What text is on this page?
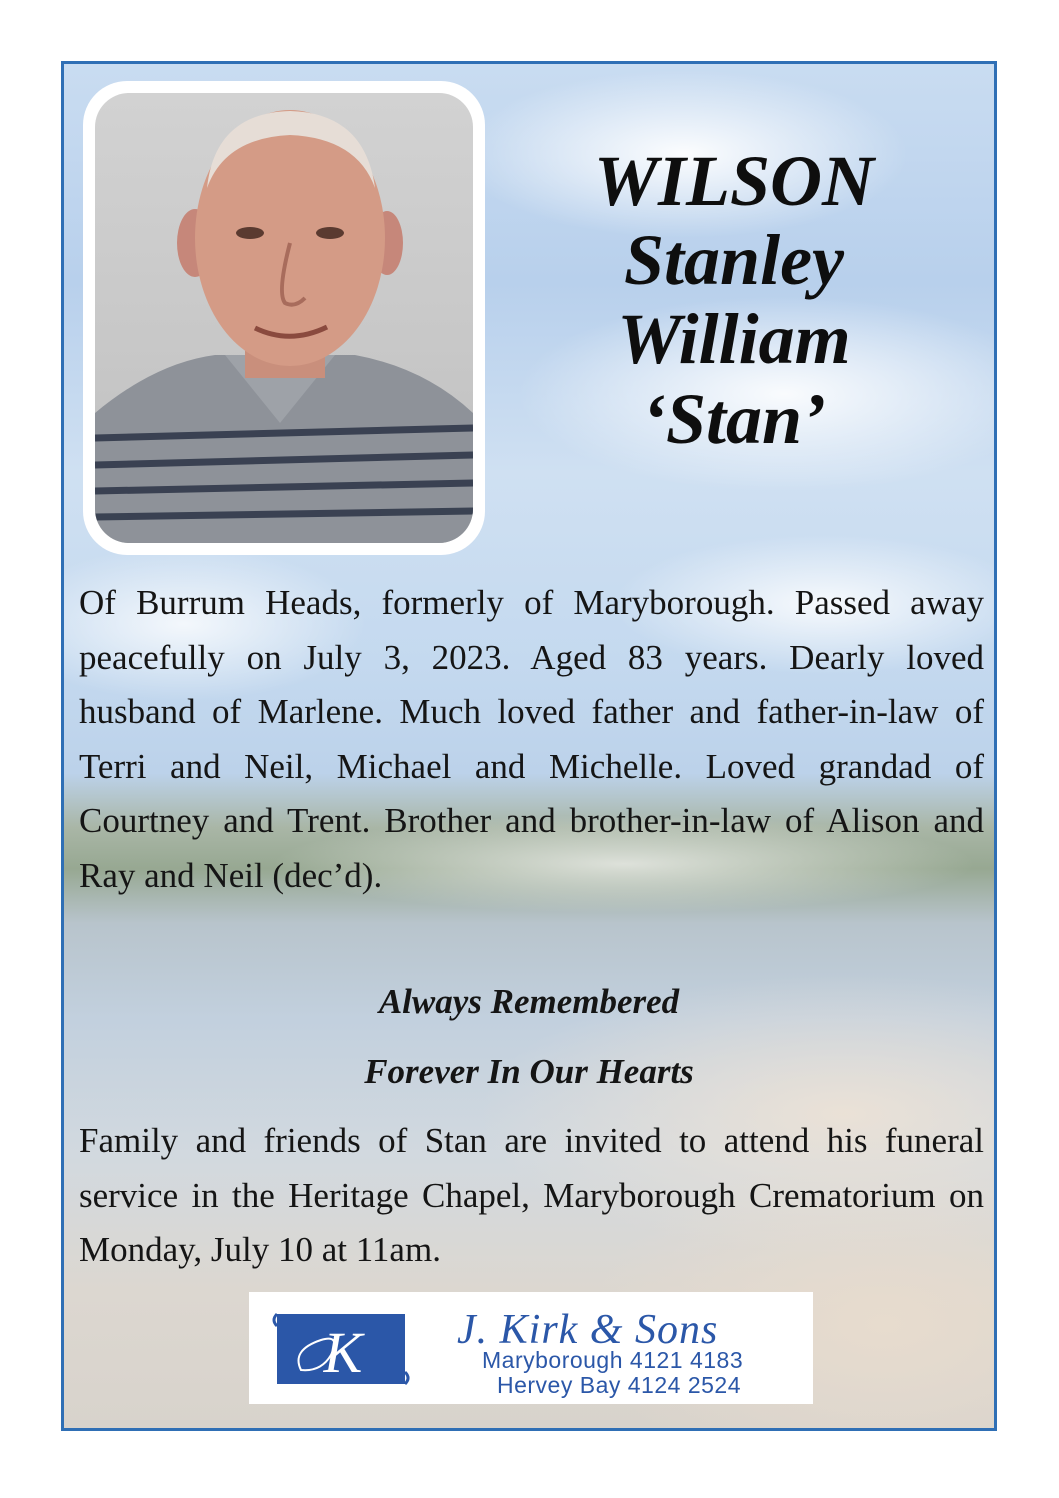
WILSON
Stanley
William
‘Stan’
Of Burrum Heads, formerly of Maryborough. Passed away peacefully on July 3, 2023. Aged 83 years. Dearly loved husband of Marlene. Much loved father and father-in-law of Terri and Neil, Michael and Michelle. Loved grandad of Courtney and Trent. Brother and brother-in-law of Alison and Ray and Neil (dec’d).
Always Remembered
Forever In Our Hearts
Family and friends of Stan are invited to attend his funeral service in the Heritage Chapel, Maryborough Crematorium on Monday, July 10 at 11am.
K J. Kirk & Sons
Maryborough 4121 4183
Hervey Bay 4124 2524
